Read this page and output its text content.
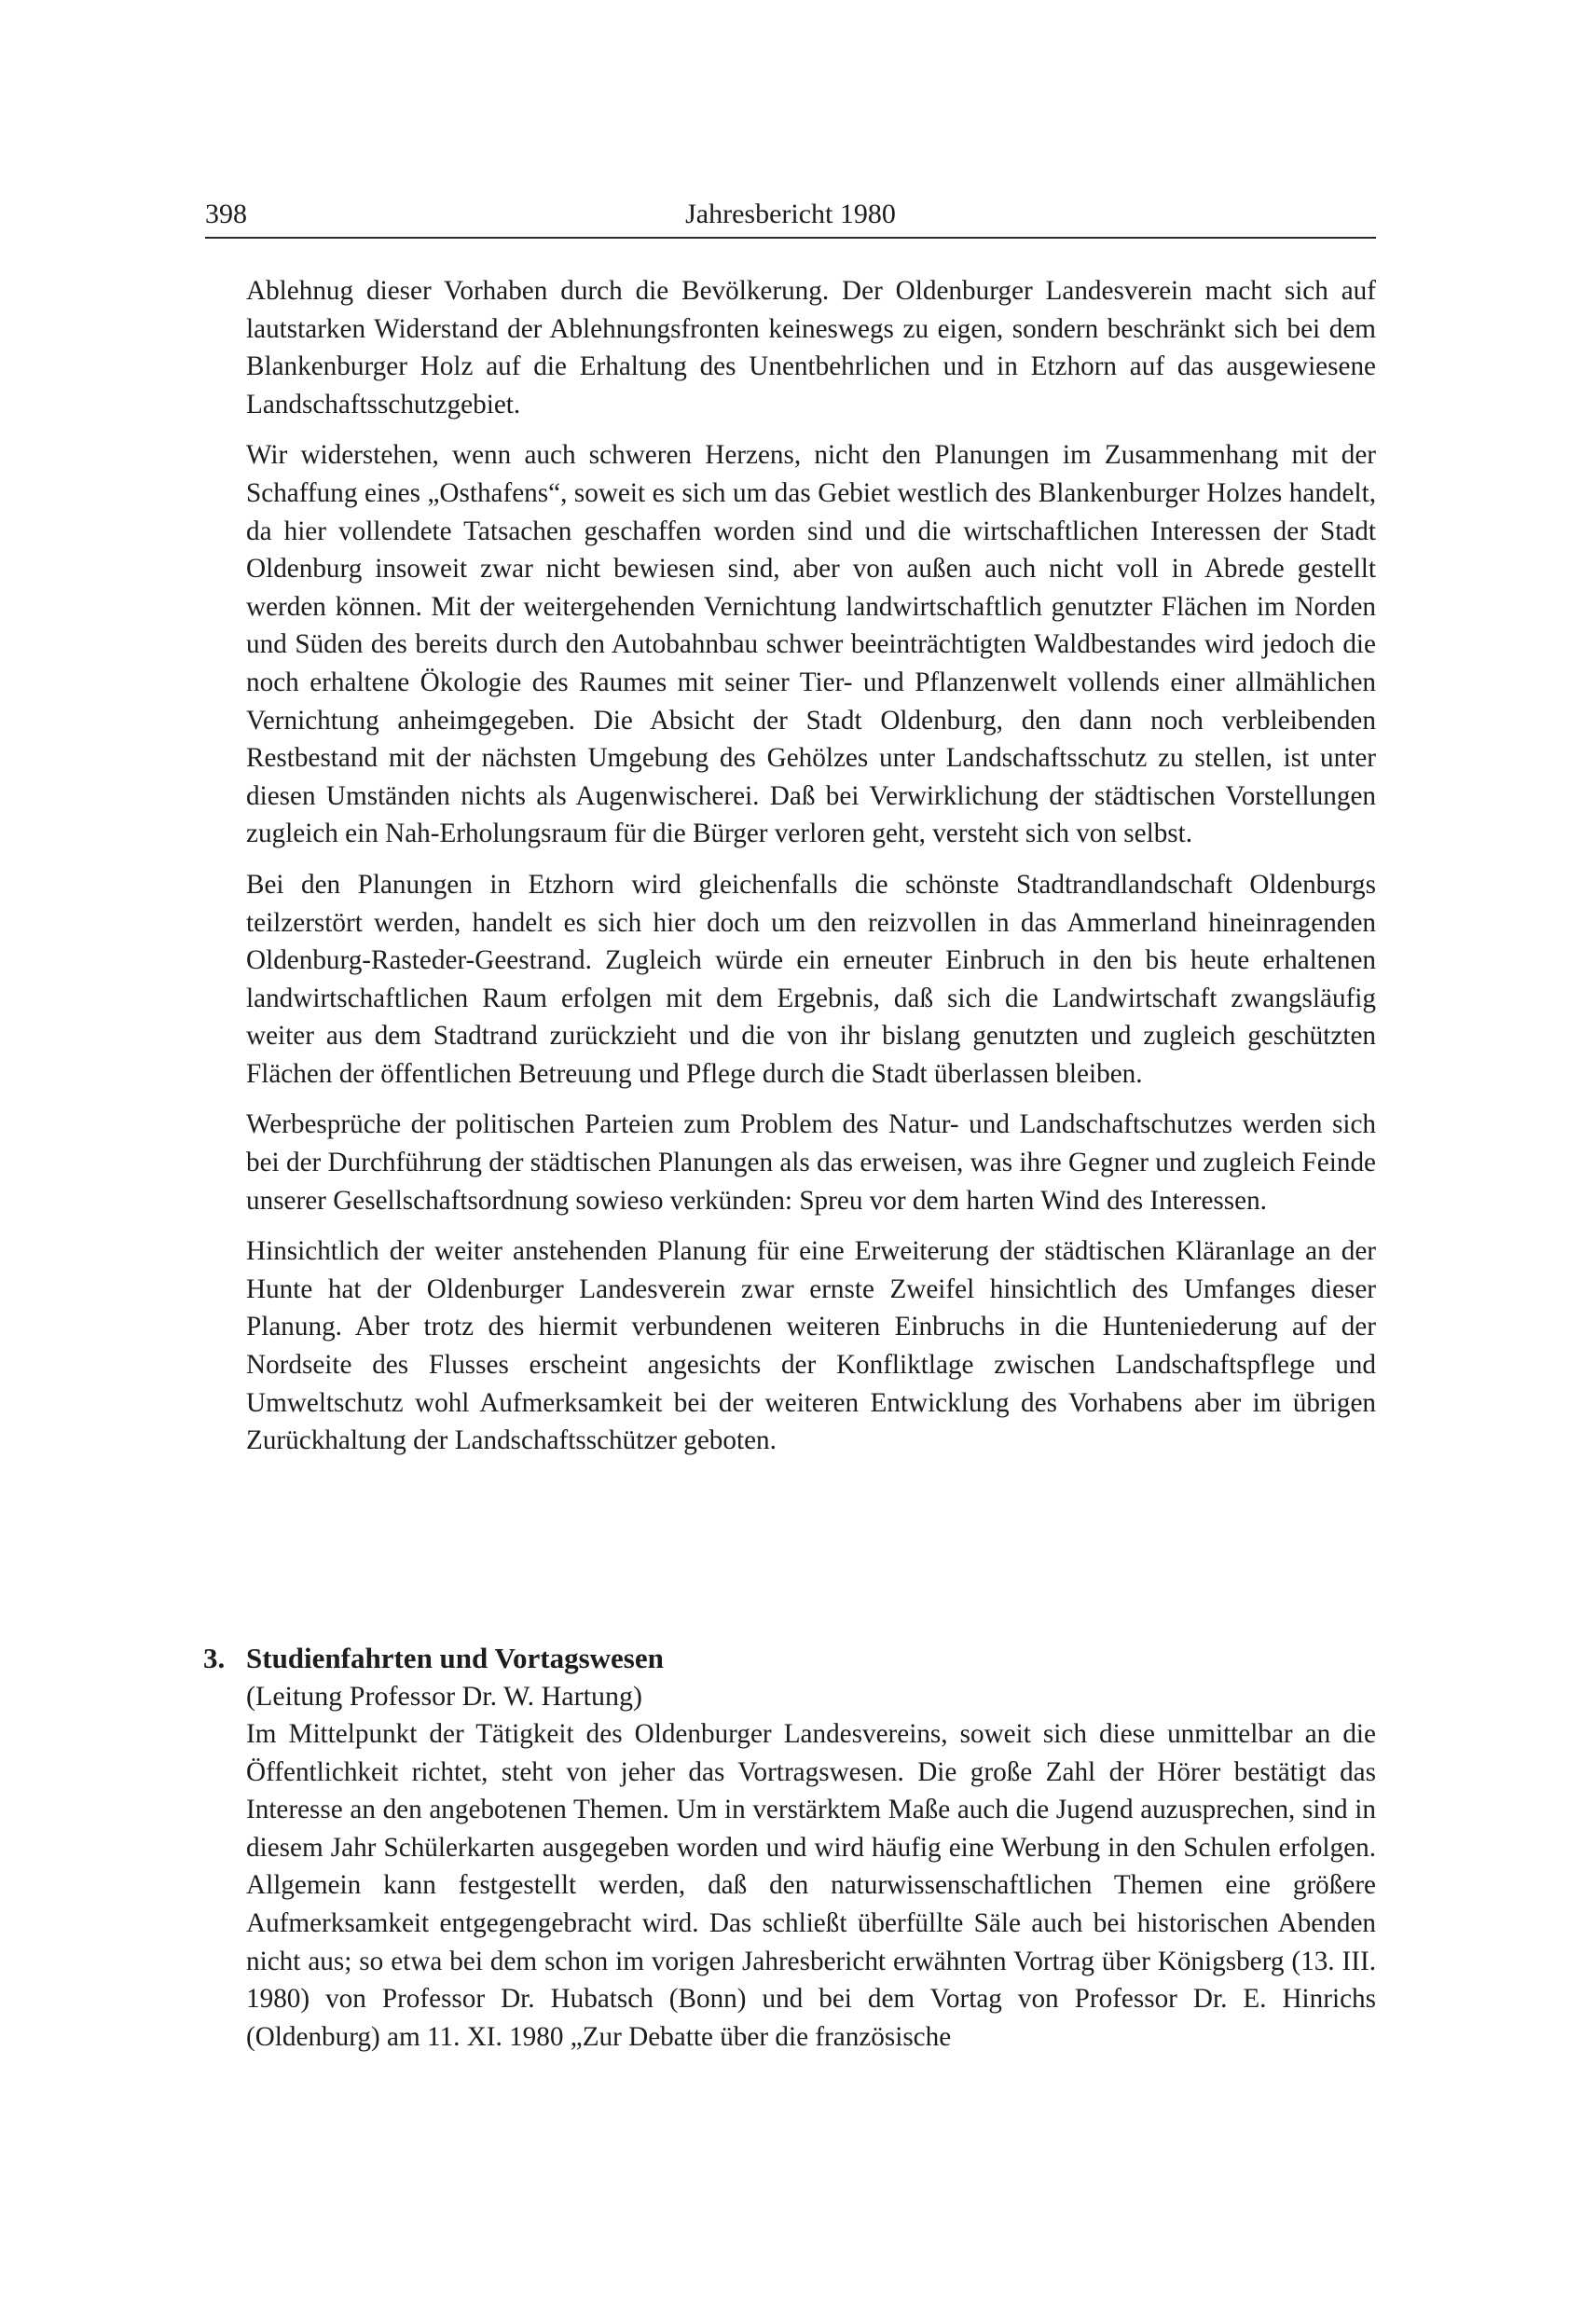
398	Jahresbericht 1980

Ablehnug dieser Vorhaben durch die Bevölkerung. Der Oldenburger Landesverein macht sich auf lautstarken Widerstand der Ablehnungsfronten keineswegs zu eigen, sondern beschränkt sich bei dem Blankenburger Holz auf die Erhaltung des Unentbehrlichen und in Etzhorn auf das ausgewiesene Landschaftsschutzgebiet.

Wir widerstehen, wenn auch schweren Herzens, nicht den Planungen im Zusammenhang mit der Schaffung eines „Osthafens“, soweit es sich um das Gebiet westlich des Blankenburger Holzes handelt, da hier vollendete Tatsachen geschaffen worden sind und die wirtschaftlichen Interessen der Stadt Oldenburg insoweit zwar nicht bewiesen sind, aber von außen auch nicht voll in Abrede gestellt werden können. Mit der weitergehenden Vernichtung landwirtschaftlich genutzter Flächen im Norden und Süden des bereits durch den Autobahnbau schwer beeinträchtigten Waldbestandes wird jedoch die noch erhaltene Ökologie des Raumes mit seiner Tier- und Pflanzenwelt vollends einer allmählichen Vernichtung anheimgegeben. Die Absicht der Stadt Oldenburg, den dann noch verbleibenden Restbestand mit der nächsten Umgebung des Gehölzes unter Landschaftsschutz zu stellen, ist unter diesen Umständen nichts als Augenwischerei. Daß bei Verwirklichung der städtischen Vorstellungen zugleich ein Nah-Erholungsraum für die Bürger verloren geht, versteht sich von selbst.

Bei den Planungen in Etzhorn wird gleichenfalls die schönste Stadtrandlandschaft Oldenburgs teilzerstört werden, handelt es sich hier doch um den reizvollen in das Ammerland hineinragenden Oldenburg-Rasteder-Geestrand. Zugleich würde ein erneuter Einbruch in den bis heute erhaltenen landwirtschaftlichen Raum erfolgen mit dem Ergebnis, daß sich die Landwirtschaft zwangsläufig weiter aus dem Stadtrand zurückzieht und die von ihr bislang genutzten und zugleich geschützten Flächen der öffentlichen Betreuung und Pflege durch die Stadt überlassen bleiben.

Werbesprüche der politischen Parteien zum Problem des Natur- und Landschaftschutzes werden sich bei der Durchführung der städtischen Planungen als das erweisen, was ihre Gegner und zugleich Feinde unserer Gesellschaftsordnung sowieso verkünden: Spreu vor dem harten Wind des Interessen.

Hinsichtlich der weiter anstehenden Planung für eine Erweiterung der städtischen Kläranlage an der Hunte hat der Oldenburger Landesverein zwar ernste Zweifel hinsichtlich des Umfanges dieser Planung. Aber trotz des hiermit verbundenen weiteren Einbruchs in die Hunteniederung auf der Nordseite des Flusses erscheint angesichts der Konfliktlage zwischen Landschaftspflege und Umweltschutz wohl Aufmerksamkeit bei der weiteren Entwicklung des Vorhabens aber im übrigen Zurückhaltung der Landschaftsschützer geboten.

3. Studienfahrten und Vortagswesen
(Leitung Professor Dr. W. Hartung)

Im Mittelpunkt der Tätigkeit des Oldenburger Landesvereins, soweit sich diese unmittelbar an die Öffentlichkeit richtet, steht von jeher das Vortragswesen. Die große Zahl der Hörer bestätigt das Interesse an den angebotenen Themen. Um in verstärktem Maße auch die Jugend auzusprechen, sind in diesem Jahr Schülerkarten ausgegeben worden und wird häufig eine Werbung in den Schulen erfolgen. Allgemein kann festgestellt werden, daß den naturwissenschaftlichen Themen eine größere Aufmerksamkeit entgegengebracht wird. Das schließt überfüllte Säle auch bei historischen Abenden nicht aus; so etwa bei dem schon im vorigen Jahresbericht erwähnten Vortrag über Königsberg (13. III. 1980) von Professor Dr. Hubatsch (Bonn) und bei dem Vortag von Professor Dr. E. Hinrichs (Oldenburg) am 11. XI. 1980 „Zur Debatte über die französische
